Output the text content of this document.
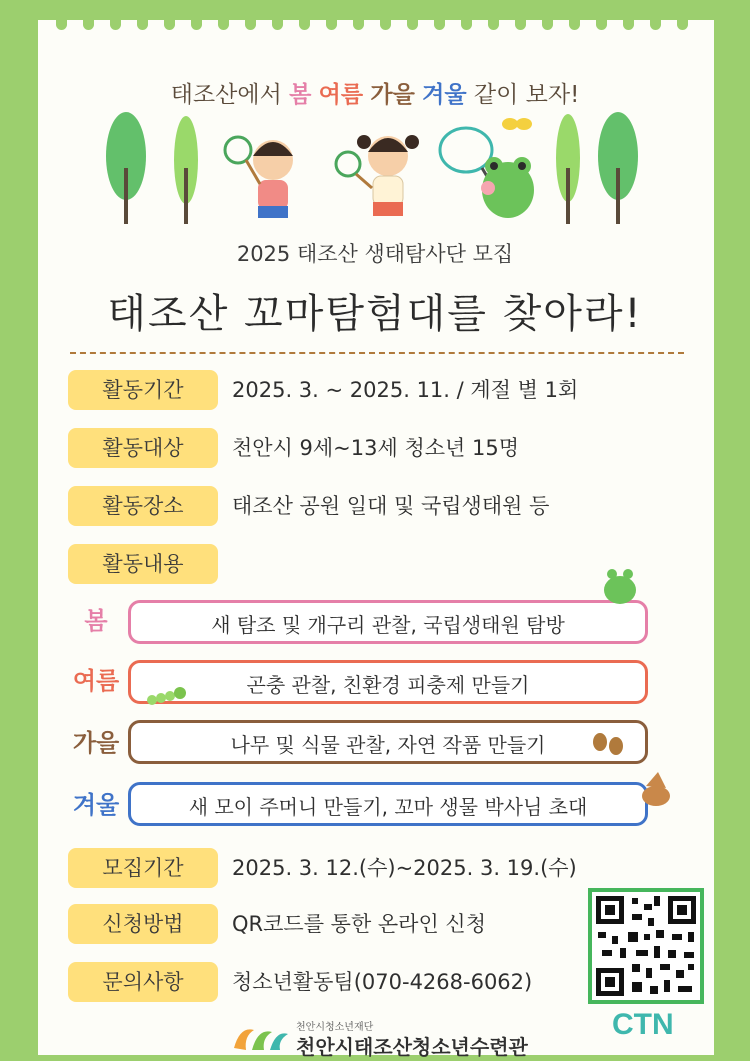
태조산에서 봄 여름 가을 겨울 같이 보자!
2025 태조산 생태탐사단 모집
태조산 꼬마탐험대를 찾아라!
활동기간	2025. 3. ~ 2025. 11. / 계절 별 1회
활동대상	천안시 9세~13세 청소년 15명
활동장소	태조산 공원 일대 및 국립생태원 등
활동내용
봄	새 탐조 및 개구리 관찰, 국립생태원 탐방
여름	곤충 관찰, 친환경 피충제 만들기
가을	나무 및 식물 관찰, 자연 작품 만들기
겨울	새 모이 주머니 만들기, 꼬마 생물 박사님 초대
모집기간	2025. 3. 12.(수)~2025. 3. 19.(수)
신청방법	QR코드를 통한 온라인 신청
문의사항	청소년활동팀(070-4268-6062)
CTN
천안시청소년재단
천안시태조산청소년수련관
